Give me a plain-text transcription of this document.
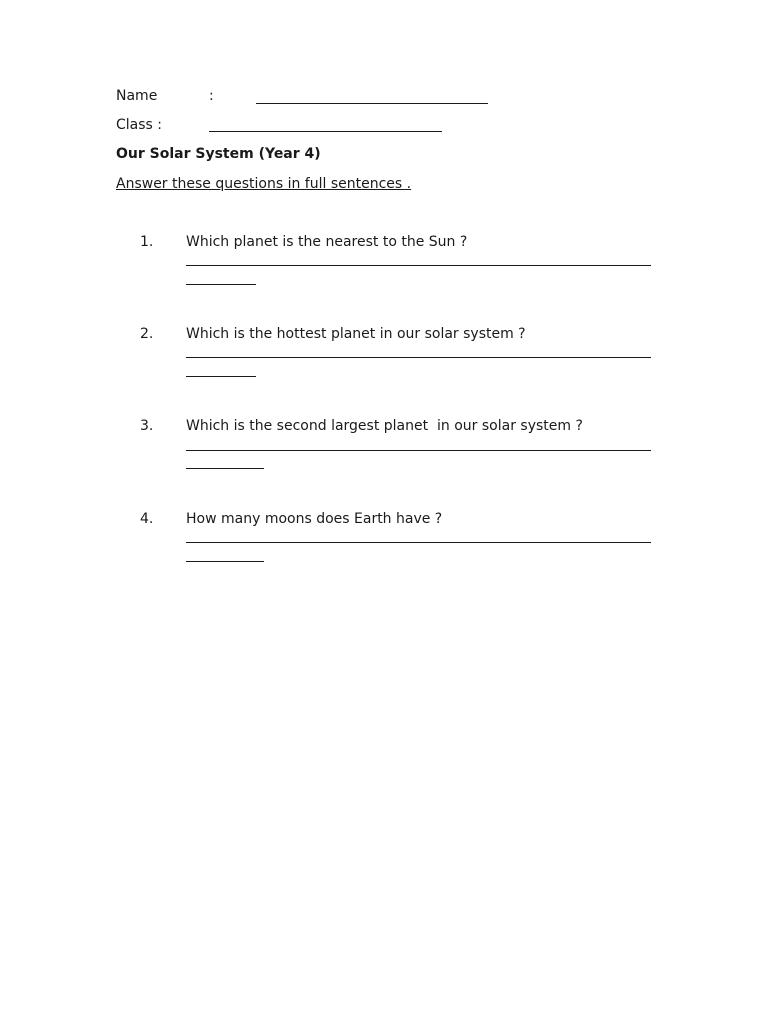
Name	:
Class :
Our Solar System (Year 4)
Answer these questions in full sentences .
1. Which planet is the nearest to the Sun ?
2. Which is the hottest planet in our solar system ?
3. Which is the second largest planet  in our solar system ?
4. How many moons does Earth have ?
